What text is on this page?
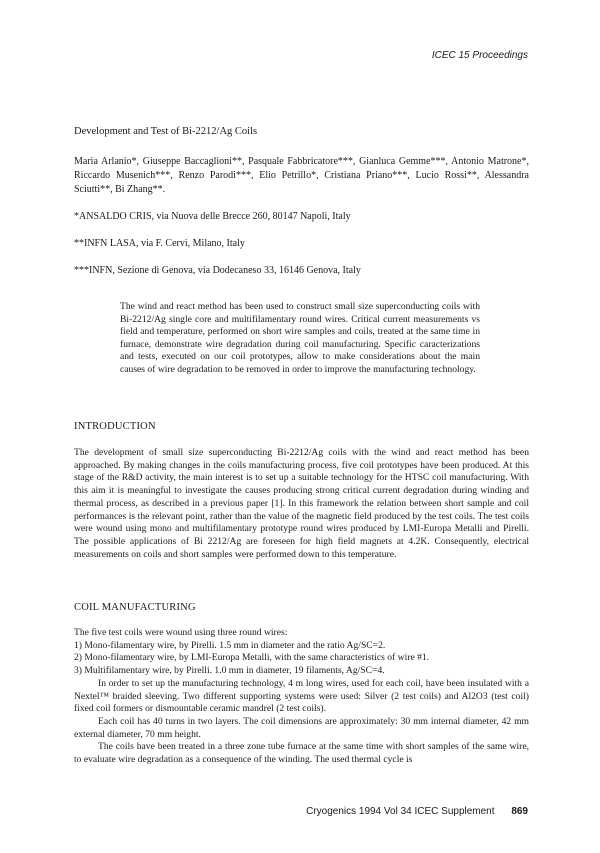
ICEC 15 Proceedings
Development and Test of Bi-2212/Ag Coils
Maria Arlanio*, Giuseppe Baccaglioni**, Pasquale Fabbricatore***, Gianluca Gemme***, Antonio Matrone*, Riccardo Musenich***, Renzo Parodi***, Elio Petrillo*, Cristiana Priano***, Lucio Rossi**, Alessandra Sciutti**, Bi Zhang**.
*ANSALDO CRIS, via Nuova delle Brecce 260, 80147 Napoli, Italy
**INFN LASA, via F. Cervi, Milano, Italy
***INFN, Sezione di Genova, via Dodecaneso 33, 16146 Genova, Italy
The wind and react method has been used to construct small size superconducting coils with Bi-2212/Ag single core and multifilamentary round wires. Critical current measurements vs field and temperature, performed on short wire samples and coils, treated at the same time in furnace, demonstrate wire degradation during coil manufacturing. Specific caracterizations and tests, executed on our coil prototypes, allow to make considerations about the main causes of wire degradation to be removed in order to improve the manufacturing technology.
INTRODUCTION

The development of small size superconducting Bi-2212/Ag coils with the wind and react method has been approached. By making changes in the coils manufacturing process, five coil prototypes have been produced. At this stage of the R&D activity, the main interest is to set up a suitable technology for the HTSC coil manufacturing. With this aim it is meaningful to investigate the causes producing strong critical current degradation during winding and thermal process, as described in a previous paper [1]. In this framework the relation between short sample and coil performances is the relevant point, rather than the value of the magnetic field produced by the test coils. The test coils were wound using mono and multifilamentary prototype round wires produced by LMI-Europa Metalli and Pirelli. The possible applications of Bi 2212/Ag are foreseen for high field magnets at 4.2K. Consequently, electrical measurements on coils and short samples were performed down to this temperature.

COIL MANUFACTURING
The five test coils were wound using three round wires:
1) Mono-filamentary wire, by Pirelli. 1.5 mm in diameter and the ratio Ag/SC=2.
2) Mono-filamentary wire, by LMI-Europa Metalli, with the same characteristics of wire #1.
3) Multifilamentary wire, by Pirelli. 1.0 mm in diameter, 19 filaments, Ag/SC=4.

In order to set up the manufacturing technology, 4 m long wires, used for each coil, have been insulated with a Nextel™ braided sleeving. Two different supporting systems were used: Silver (2 test coils) and Al2O3 (test coil) fixed coil formers or dismountable ceramic mandrel (2 test coils).

Each coil has 40 turns in two layers. The coil dimensions are approximately: 30 mm internal diameter, 42 mm external diameter, 70 mm height.

The coils have been treated in a three zone tube furnace at the same time with short samples of the same wire, to evaluate wire degradation as a consequence of the winding. The used thermal cycle is

Cryogenics 1994 Vol 34 ICEC Supplement 869
